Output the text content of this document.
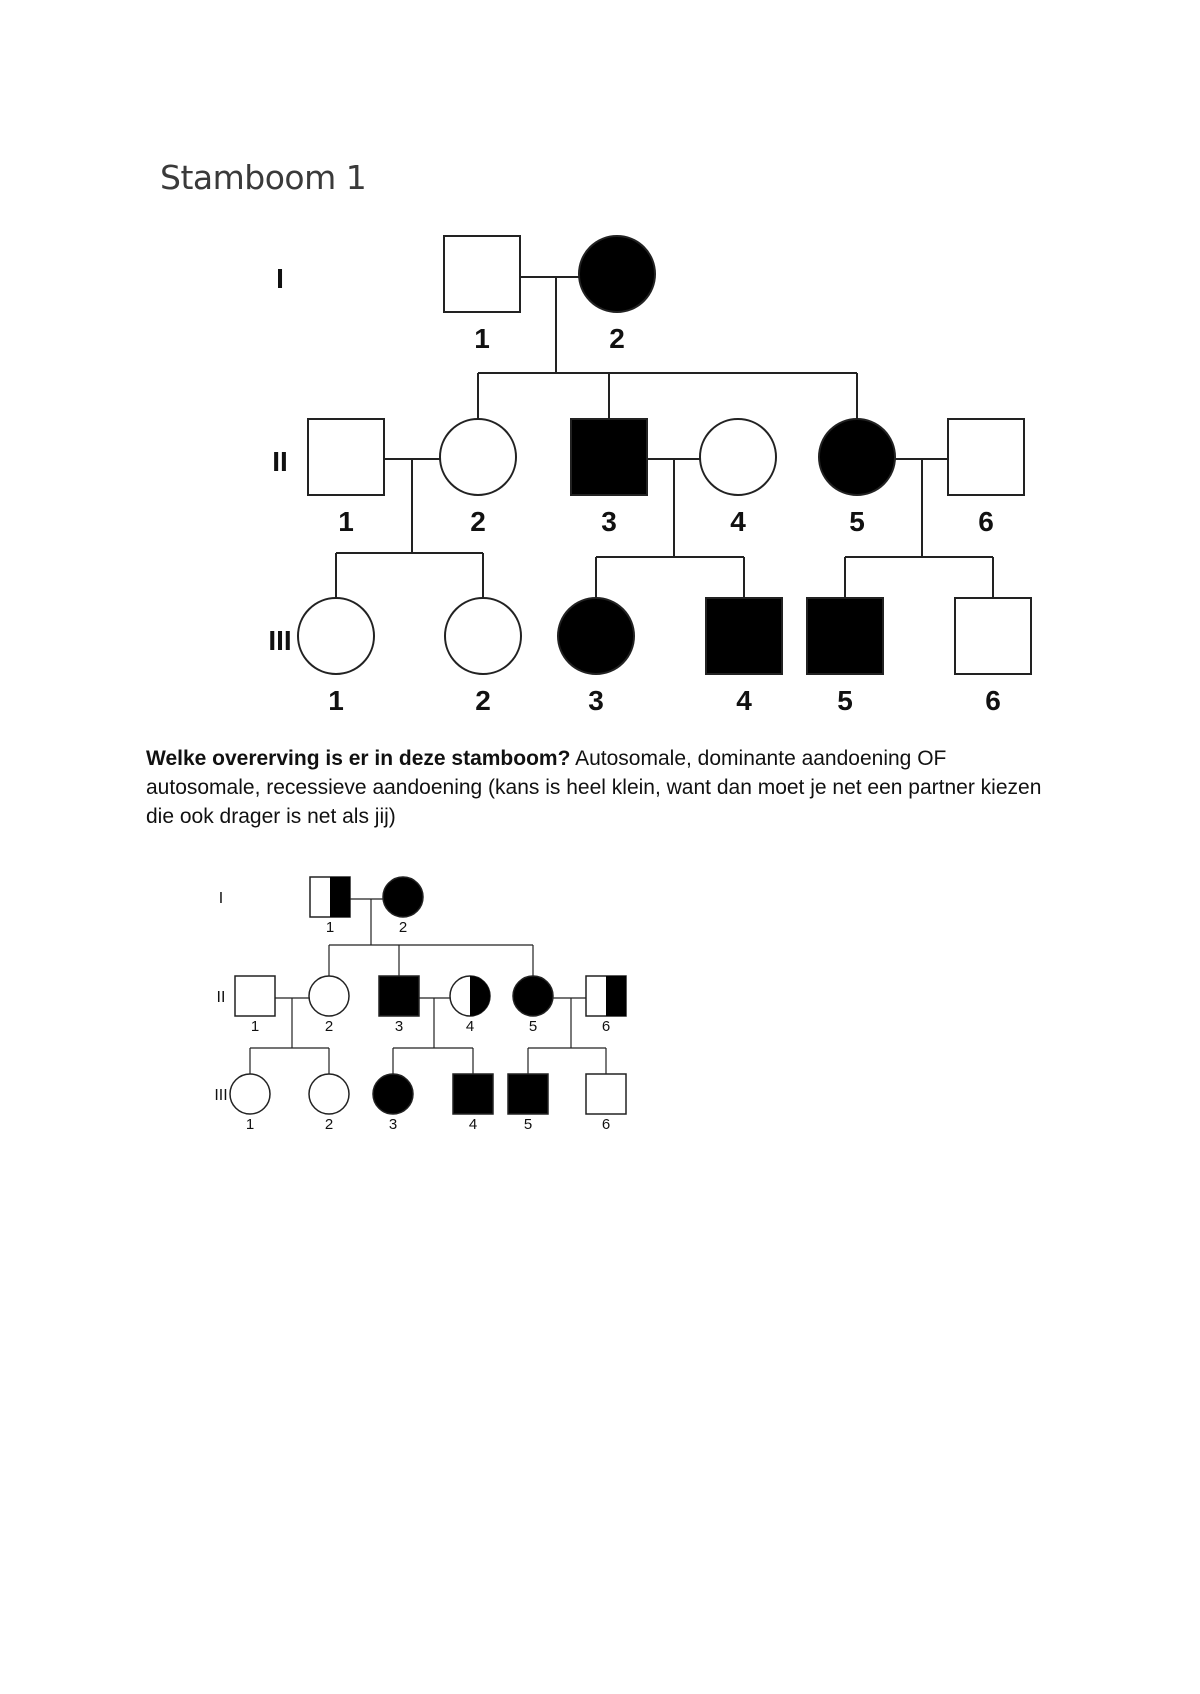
Stamboom 1
I
II
III
1	2
1	2	3	4	5	6
1	2	3	4	5	6
Welke overerving is er in deze stamboom? Autosomale, dominante aandoening OF autosomale, recessieve aandoening (kans is heel klein, want dan moet je net een partner kiezen die ook drager is net als jij)
I
II
III
1	2
1	2	3	4	5	6
1	2	3	4	5	6
